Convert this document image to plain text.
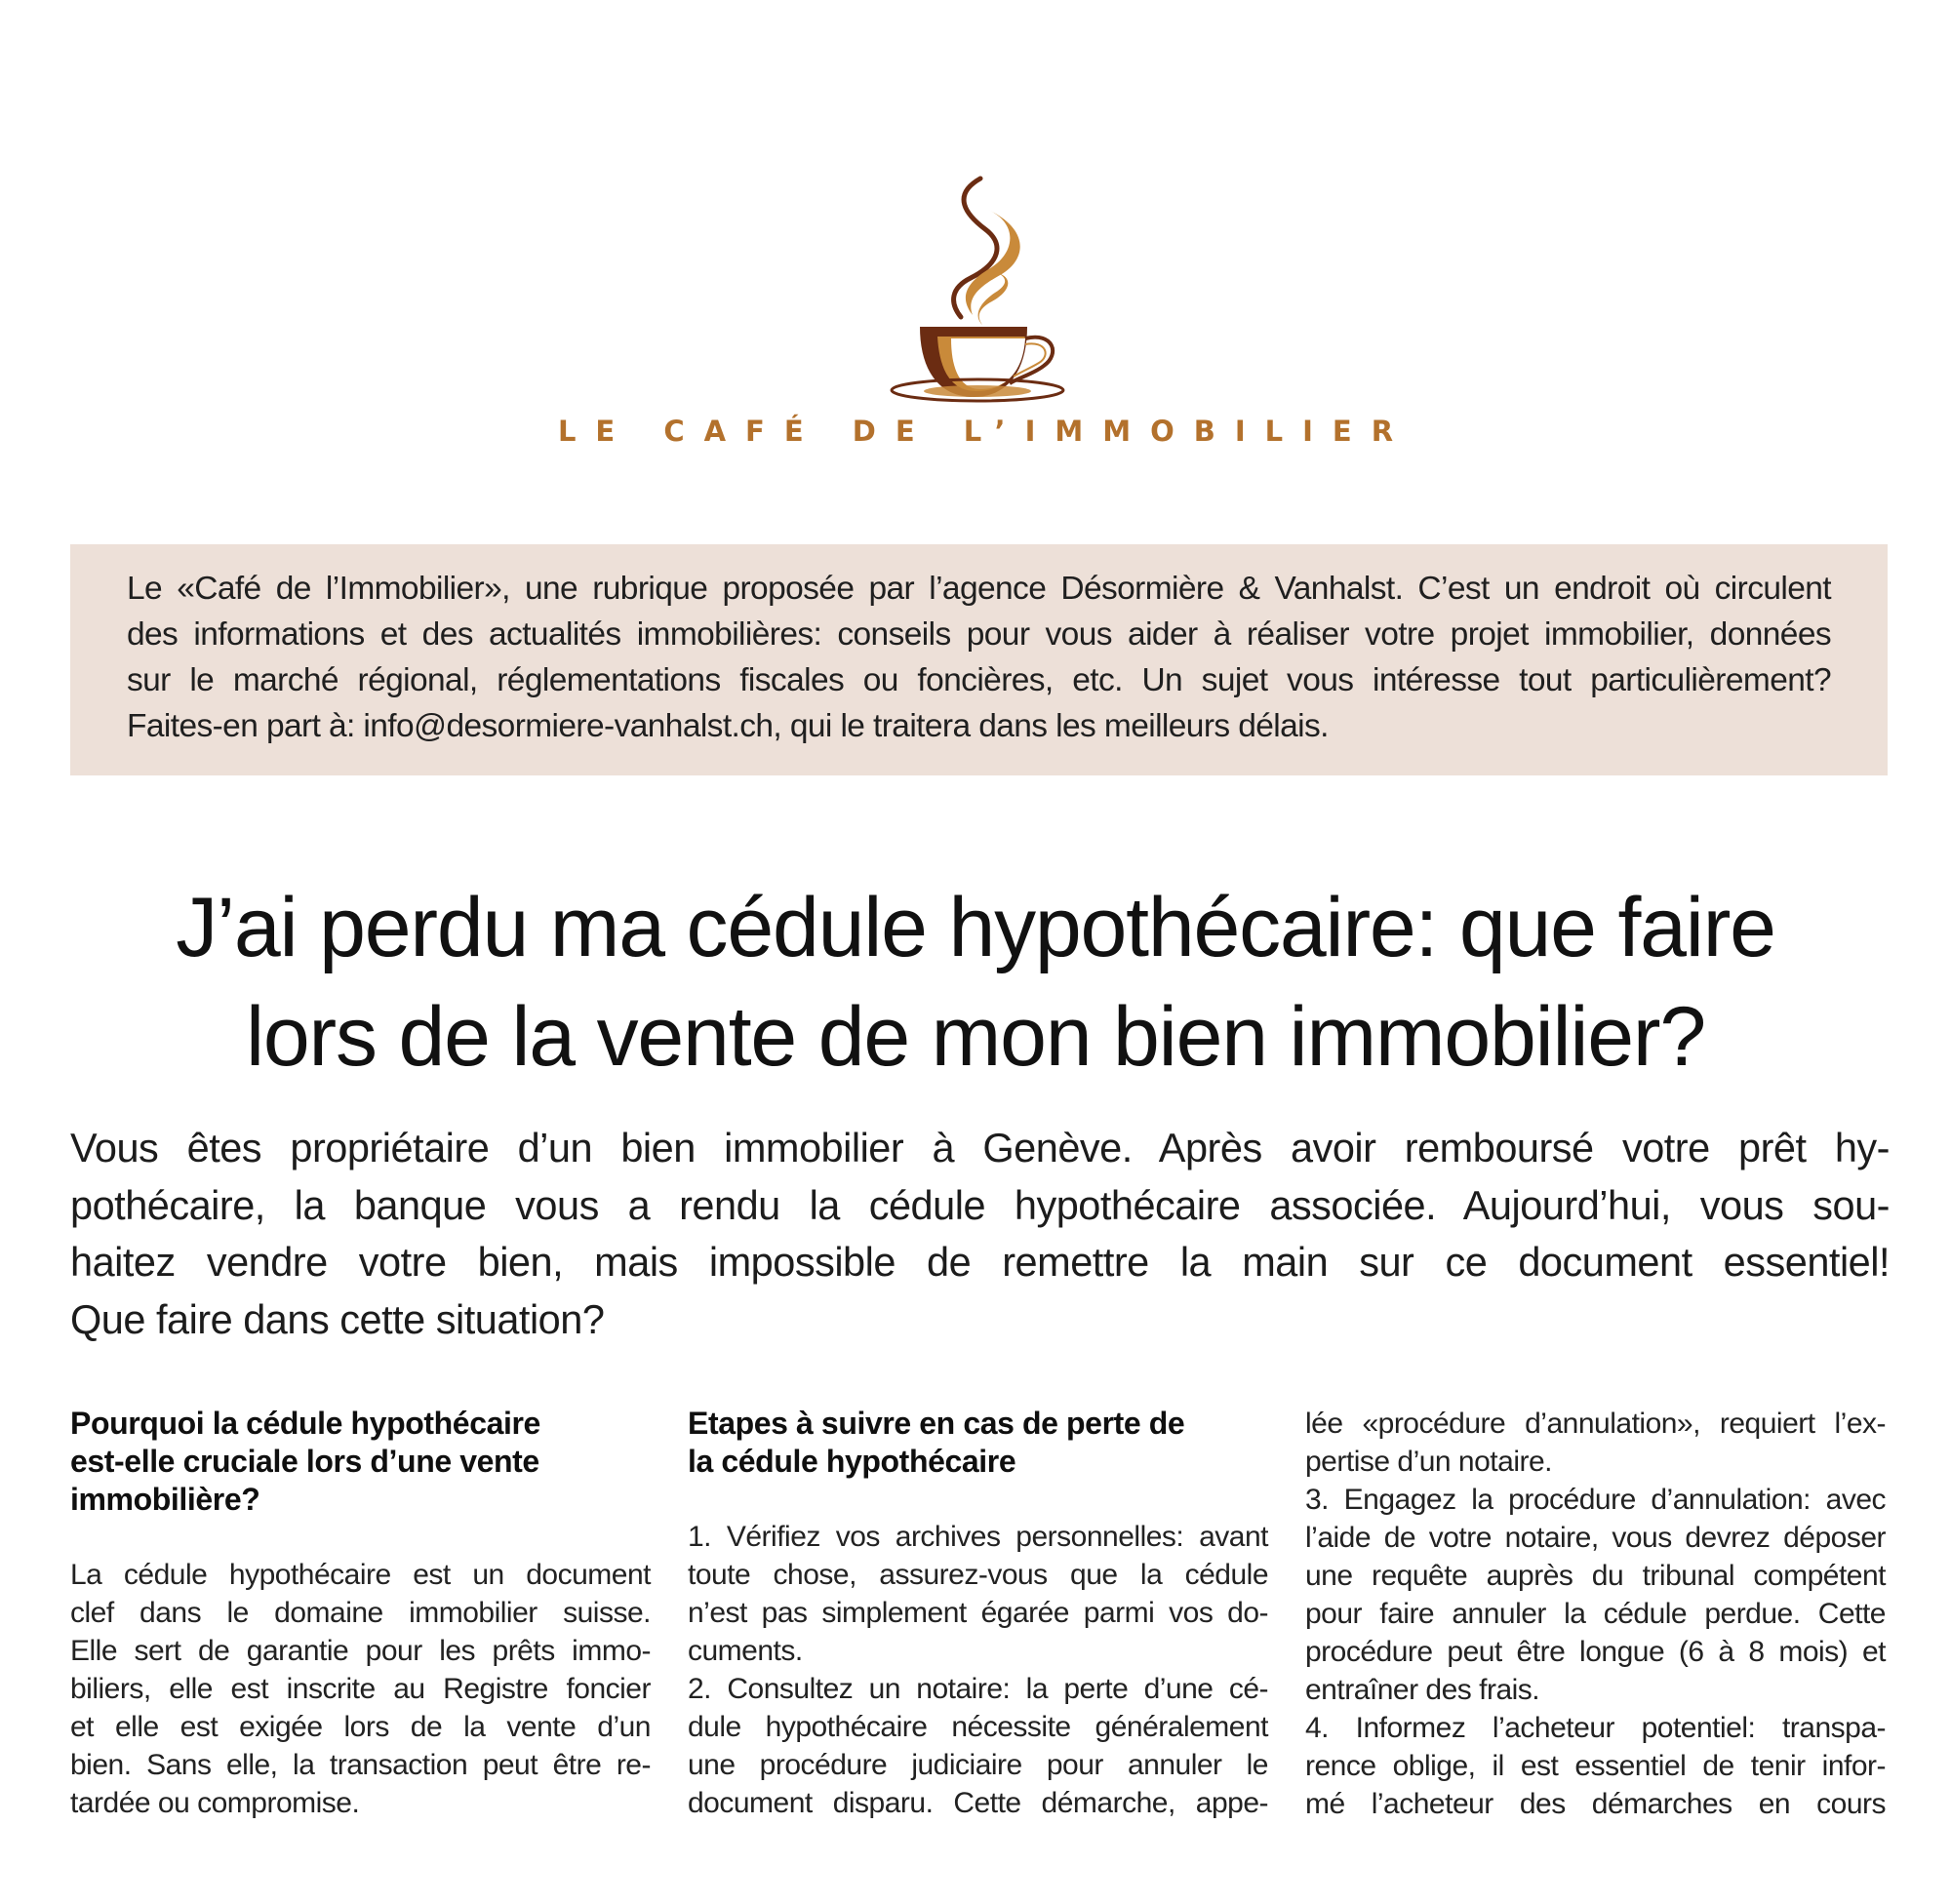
LE CAFÉ DE L’IMMOBILIER
Le «Café de l’Immobilier», une rubrique proposée par l’agence Désormière & Vanhalst. C’est un endroit où circulent
des informations et des actualités immobilières: conseils pour vous aider à réaliser votre projet immobilier, données
sur le marché régional, réglementations fiscales ou foncières, etc. Un sujet vous intéresse tout particulièrement?
Faites-en part à: info@desormiere-vanhalst.ch, qui le traitera dans les meilleurs délais.
J’ai perdu ma cédule hypothécaire: que faire
lors de la vente de mon bien immobilier?
Vous êtes propriétaire d’un bien immobilier à Genève. Après avoir remboursé votre prêt hy-
pothécaire, la banque vous a rendu la cédule hypothécaire associée. Aujourd’hui, vous sou-
haitez vendre votre bien, mais impossible de remettre la main sur ce document essentiel!
Que faire dans cette situation?
Pourquoi la cédule hypothécaire
est-elle cruciale lors d’une vente
immobilière?
La cédule hypothécaire est un document
clef dans le domaine immobilier suisse.
Elle sert de garantie pour les prêts immo-
biliers, elle est inscrite au Registre foncier
et elle est exigée lors de la vente d’un
bien. Sans elle, la transaction peut être re-
tardée ou compromise.
Etapes à suivre en cas de perte de
la cédule hypothécaire
1. Vérifiez vos archives personnelles: avant
toute chose, assurez-vous que la cédule
n’est pas simplement égarée parmi vos do-
cuments.
2. Consultez un notaire: la perte d’une cé-
dule hypothécaire nécessite généralement
une procédure judiciaire pour annuler le
document disparu. Cette démarche, appe-
lée «procédure d’annulation», requiert l’ex-
pertise d’un notaire.
3. Engagez la procédure d’annulation: avec
l’aide de votre notaire, vous devrez déposer
une requête auprès du tribunal compétent
pour faire annuler la cédule perdue. Cette
procédure peut être longue (6 à 8 mois) et
entraîner des frais.
4. Informez l’acheteur potentiel: transpa-
rence oblige, il est essentiel de tenir infor-
mé l’acheteur des démarches en cours
